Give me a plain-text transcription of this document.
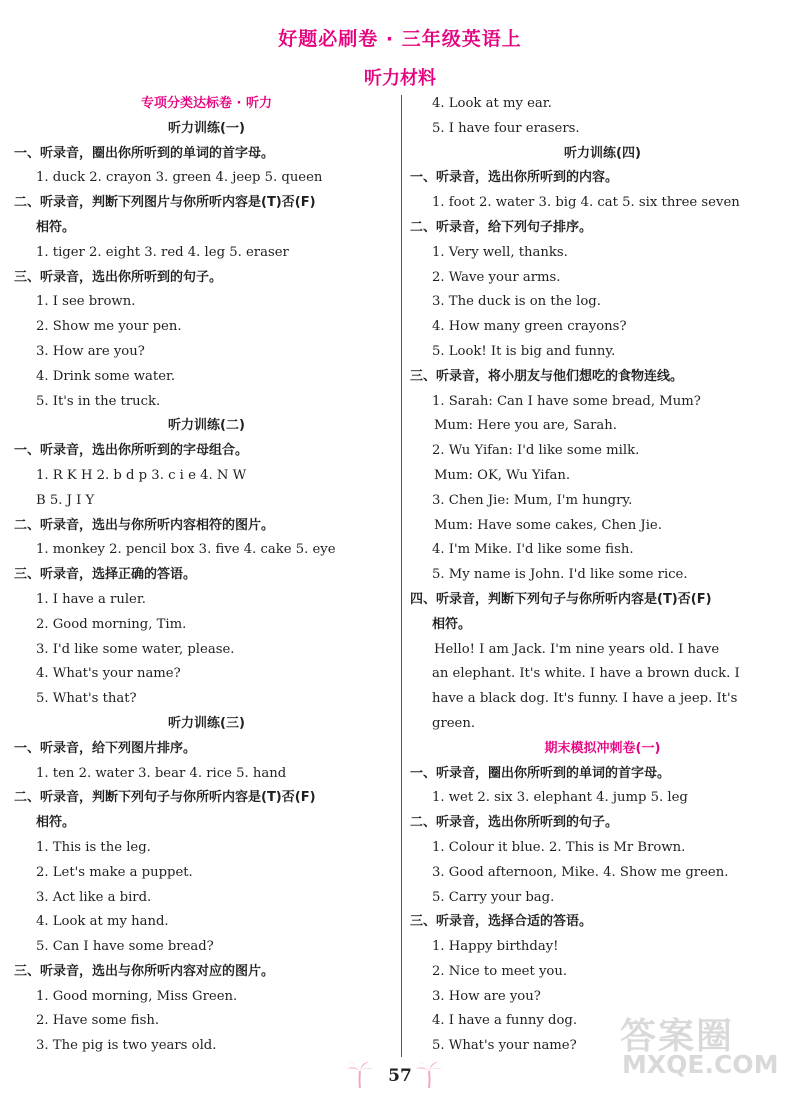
好题必刷卷 · 三年级英语上
听力材料
专项分类达标卷 · 听力
听力训练(一)
一、听录音，圈出你所听到的单词的首字母。
1. duck 2. crayon 3. green 4. jeep 5. queen
二、听录音，判断下列图片与你所听内容是(T)否(F)
相符。
1. tiger 2. eight 3. red 4. leg 5. eraser
三、听录音，选出你所听到的句子。
1. I see brown.
2. Show me your pen.
3. How are you?
4. Drink some water.
5. It's in the truck.
听力训练(二)
一、听录音，选出你所听到的字母组合。
1. R K H 2. b d p 3. c i e 4. N W
B 5. J I Y
二、听录音，选出与你所听内容相符的图片。
1. monkey 2. pencil box 3. five 4. cake 5. eye
三、听录音，选择正确的答语。
1. I have a ruler.
2. Good morning, Tim.
3. I'd like some water, please.
4. What's your name?
5. What's that?
听力训练(三)
一、听录音，给下列图片排序。
1. ten 2. water 3. bear 4. rice 5. hand
二、听录音，判断下列句子与你所听内容是(T)否(F)
相符。
1. This is the leg.
2. Let's make a puppet.
3. Act like a bird.
4. Look at my hand.
5. Can I have some bread?
三、听录音，选出与你所听内容对应的图片。
1. Good morning, Miss Green.
2. Have some fish.
3. The pig is two years old.
4. Look at my ear.
5. I have four erasers.
听力训练(四)
一、听录音，选出你所听到的内容。
1. foot 2. water 3. big 4. cat 5. six three seven
二、听录音，给下列句子排序。
1. Very well, thanks.
2. Wave your arms.
3. The duck is on the log.
4. How many green crayons?
5. Look! It is big and funny.
三、听录音，将小朋友与他们想吃的食物连线。
1. Sarah: Can I have some bread, Mum?
Mum: Here you are, Sarah.
2. Wu Yifan: I'd like some milk.
Mum: OK, Wu Yifan.
3. Chen Jie: Mum, I'm hungry.
Mum: Have some cakes, Chen Jie.
4. I'm Mike. I'd like some fish.
5. My name is John. I'd like some rice.
四、听录音，判断下列句子与你所听内容是(T)否(F)
相符。
Hello! I am Jack. I'm nine years old. I have
an elephant. It's white. I have a brown duck. I
have a black dog. It's funny. I have a jeep. It's
green.
期末模拟冲刺卷(一)
一、听录音，圈出你所听到的单词的首字母。
1. wet 2. six 3. elephant 4. jump 5. leg
二、听录音，选出你所听到的句子。
1. Colour it blue. 2. This is Mr Brown.
3. Good afternoon, Mike. 4. Show me green.
5. Carry your bag.
三、听录音，选择合适的答语。
1. Happy birthday!
2. Nice to meet you.
3. How are you?
4. I have a funny dog.
5. What's your name?
57
答案圈
MXQE.COM
